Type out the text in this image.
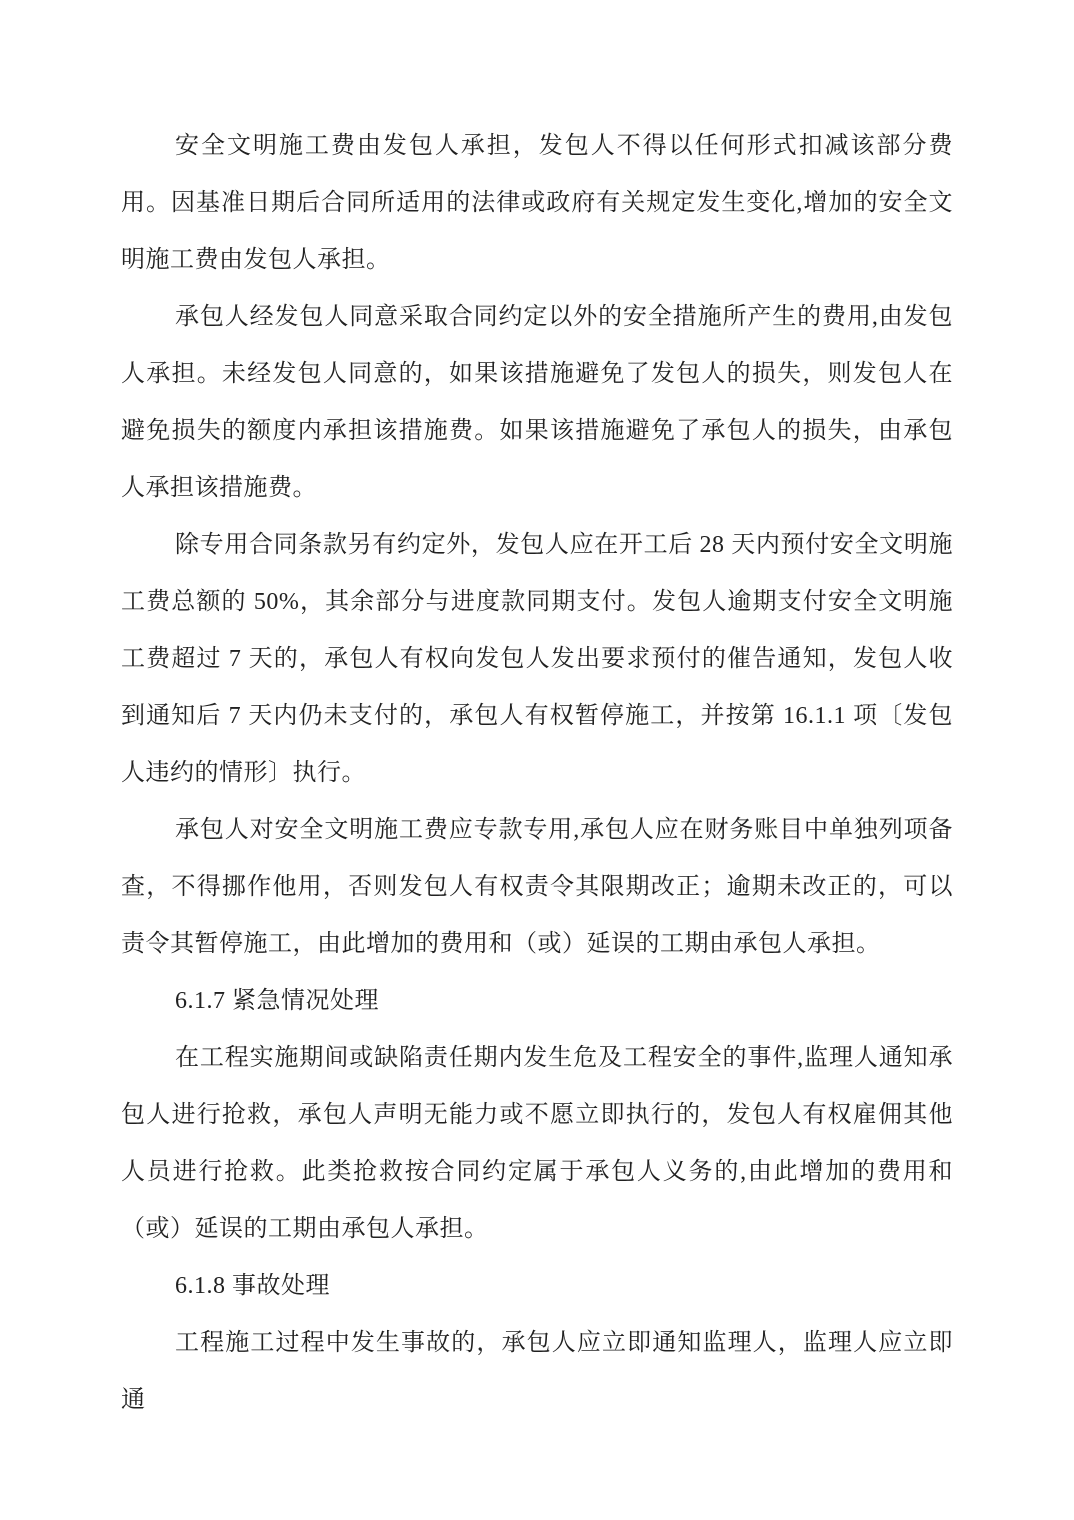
安全文明施工费由发包人承担，发包人不得以任何形式扣减该部分费用。因基准日期后合同所适用的法律或政府有关规定发生变化,增加的安全文明施工费由发包人承担。

承包人经发包人同意采取合同约定以外的安全措施所产生的费用,由发包人承担。未经发包人同意的，如果该措施避免了发包人的损失，则发包人在避免损失的额度内承担该措施费。如果该措施避免了承包人的损失，由承包人承担该措施费。

除专用合同条款另有约定外，发包人应在开工后 28 天内预付安全文明施工费总额的 50%，其余部分与进度款同期支付。发包人逾期支付安全文明施工费超过 7 天的，承包人有权向发包人发出要求预付的催告通知，发包人收到通知后 7 天内仍未支付的，承包人有权暂停施工，并按第 16.1.1 项〔发包人违约的情形〕执行。

承包人对安全文明施工费应专款专用,承包人应在财务账目中单独列项备查，不得挪作他用，否则发包人有权责令其限期改正；逾期未改正的，可以责令其暂停施工，由此增加的费用和（或）延误的工期由承包人承担。

6.1.7 紧急情况处理

在工程实施期间或缺陷责任期内发生危及工程安全的事件,监理人通知承包人进行抢救，承包人声明无能力或不愿立即执行的，发包人有权雇佣其他人员进行抢救。此类抢救按合同约定属于承包人义务的,由此增加的费用和（或）延误的工期由承包人承担。

6.1.8 事故处理

工程施工过程中发生事故的，承包人应立即通知监理人，监理人应立即通
